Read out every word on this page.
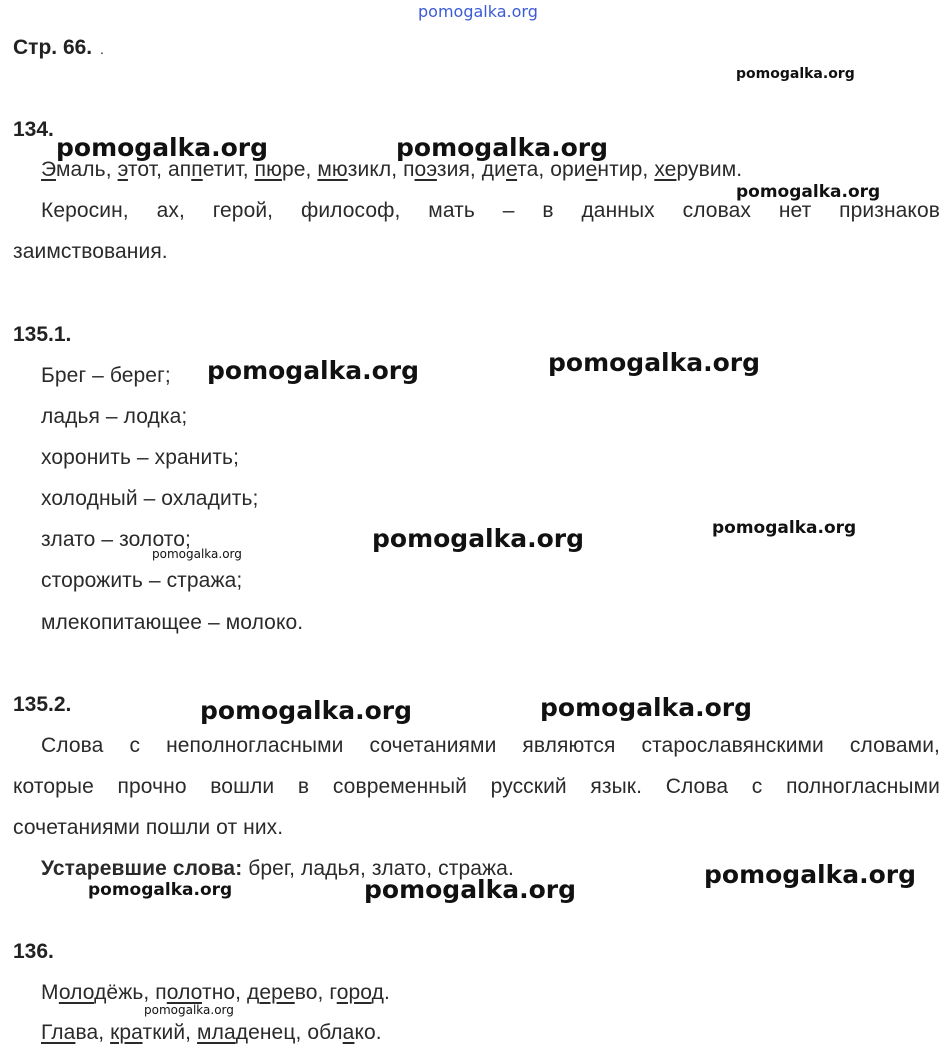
pomogalka.org
Стр. 66. .
134.
Эмаль, этот, аппетит, пюре, мюзикл, поэзия, диета, ориентир, херувим.
Керосин, ах, герой, философ, мать – в данных словах нет признаков
заимствования.
135.1.
Брег – берег;
ладья – лодка;
хоронить – хранить;
холодный – охладить;
злато – золото;
сторожить – стража;
млекопитающее – молоко.
135.2.
Слова с неполногласными сочетаниями являются старославянскими словами,
которые прочно вошли в современный русский язык. Слова с полногласными
сочетаниями пошли от них.
Устаревшие слова: брег, ладья, злато, стража.
136.
Молодёжь, полотно, дерево, город.
Глава, краткий, младенец, облако.
pomogalka.org
pomogalka.org	pomogalka.org
pomogalka.org
pomogalka.org	pomogalka.org
pomogalka.org
pomogalka.org
pomogalka.org
pomogalka.org	pomogalka.org
pomogalka.org	pomogalka.org
pomogalka.org
pomogalka.org
